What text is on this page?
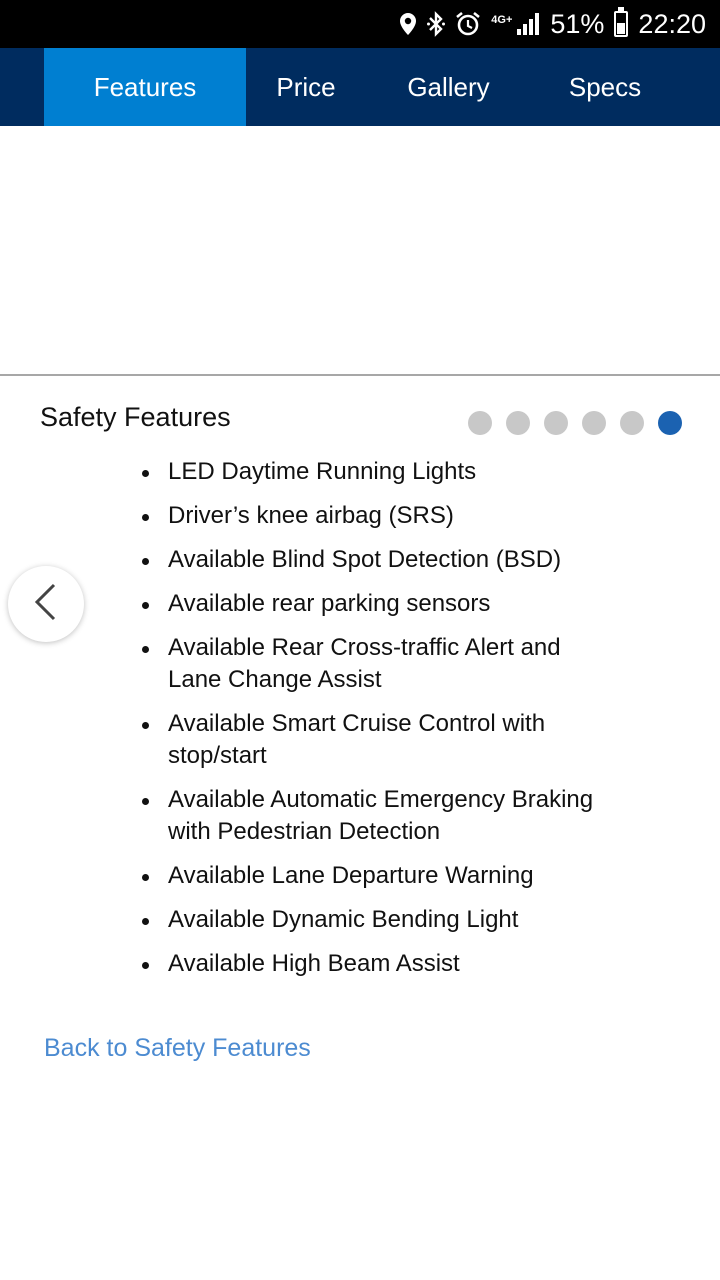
4G+ 51% 22:20
Features	Price	Gallery	Specs
Safety Features
LED Daytime Running Lights
Driver’s knee airbag (SRS)
Available Blind Spot Detection (BSD)
Available rear parking sensors
Available Rear Cross-traffic Alert and Lane Change Assist
Available Smart Cruise Control with stop/start
Available Automatic Emergency Braking with Pedestrian Detection
Available Lane Departure Warning
Available Dynamic Bending Light
Available High Beam Assist
Back to Safety Features
